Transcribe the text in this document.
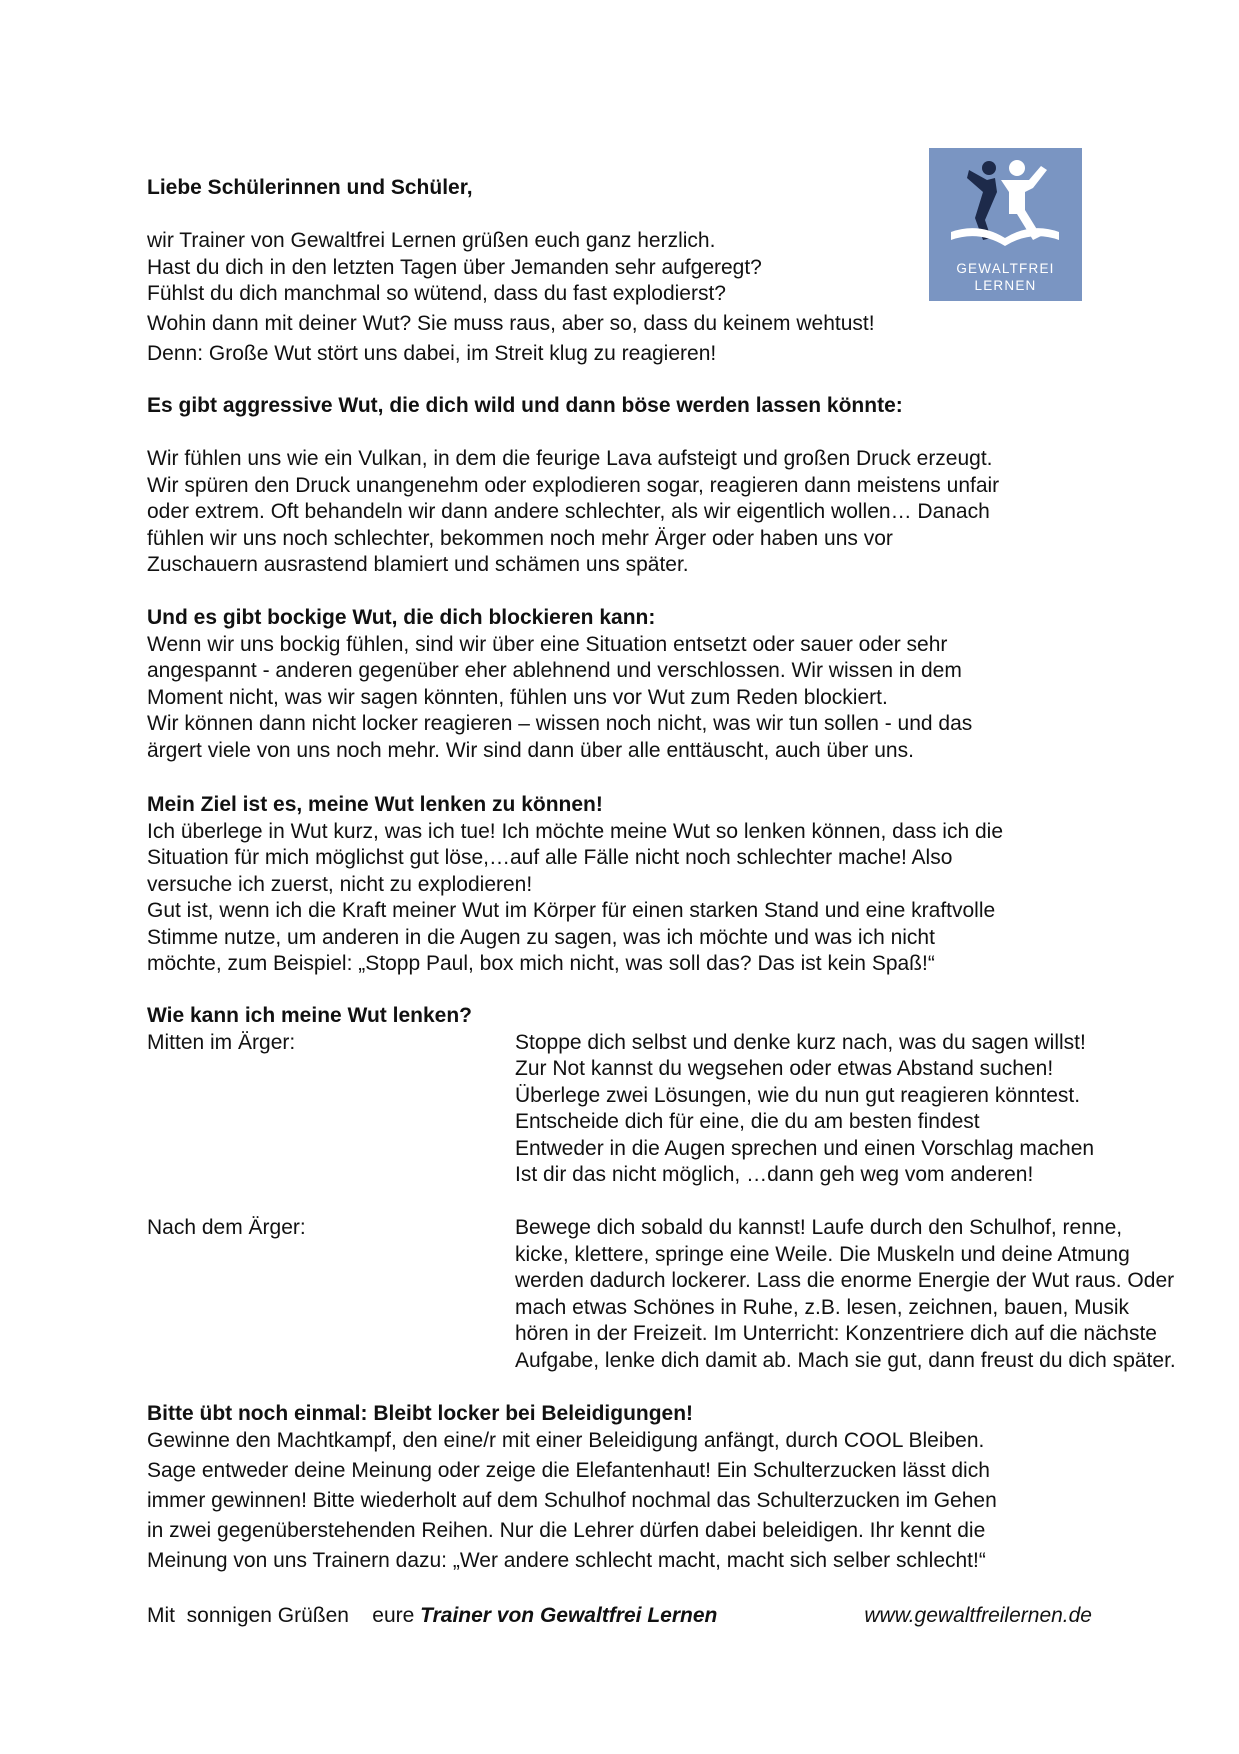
GEWALTFREI
LERNEN
Liebe Schülerinnen und Schüler,
wir Trainer von Gewaltfrei Lernen grüßen euch ganz herzlich.
Hast du dich in den letzten Tagen über Jemanden sehr aufgeregt?
Fühlst du dich manchmal so wütend, dass du fast explodierst?
Wohin dann mit deiner Wut? Sie muss raus, aber so, dass du keinem wehtust!
Denn: Große Wut stört uns dabei, im Streit klug zu reagieren!
Es gibt aggressive Wut, die dich wild und dann böse werden lassen könnte:
Wir fühlen uns wie ein Vulkan, in dem die feurige Lava aufsteigt und großen Druck erzeugt.
Wir spüren den Druck unangenehm oder explodieren sogar, reagieren dann meistens unfair
oder extrem. Oft behandeln wir dann andere schlechter, als wir eigentlich wollen… Danach
fühlen wir uns noch schlechter, bekommen noch mehr Ärger oder haben uns vor
Zuschauern ausrastend blamiert und schämen uns später.
Und es gibt bockige Wut, die dich blockieren kann:
Wenn wir uns bockig fühlen, sind wir über eine Situation entsetzt oder sauer oder sehr
angespannt - anderen gegenüber eher ablehnend und verschlossen. Wir wissen in dem
Moment nicht, was wir sagen könnten, fühlen uns vor Wut zum Reden blockiert.
Wir können dann nicht locker reagieren – wissen noch nicht, was wir tun sollen - und das
ärgert viele von uns noch mehr. Wir sind dann über alle enttäuscht, auch über uns.
Mein Ziel ist es, meine Wut lenken zu können!
Ich überlege in Wut kurz, was ich tue! Ich möchte meine Wut so lenken können, dass ich die
Situation für mich möglichst gut löse,…auf alle Fälle nicht noch schlechter mache! Also
versuche ich zuerst, nicht zu explodieren!
Gut ist, wenn ich die Kraft meiner Wut im Körper für einen starken Stand und eine kraftvolle
Stimme nutze, um anderen in die Augen zu sagen, was ich möchte und was ich nicht
möchte, zum Beispiel: „Stopp Paul, box mich nicht, was soll das? Das ist kein Spaß!“
Wie kann ich meine Wut lenken?
Mitten im Ärger:	Stoppe dich selbst und denke kurz nach, was du sagen willst!
Zur Not kannst du wegsehen oder etwas Abstand suchen!
Überlege zwei Lösungen, wie du nun gut reagieren könntest.
Entscheide dich für eine, die du am besten findest
Entweder in die Augen sprechen und einen Vorschlag machen
Ist dir das nicht möglich, …dann geh weg vom anderen!
Nach dem Ärger:	Bewege dich sobald du kannst! Laufe durch den Schulhof, renne,
kicke, klettere, springe eine Weile. Die Muskeln und deine Atmung
werden dadurch lockerer. Lass die enorme Energie der Wut raus. Oder
mach etwas Schönes in Ruhe, z.B. lesen, zeichnen, bauen, Musik
hören in der Freizeit. Im Unterricht: Konzentriere dich auf die nächste
Aufgabe, lenke dich damit ab. Mach sie gut, dann freust du dich später.
Bitte übt noch einmal: Bleibt locker bei Beleidigungen!
Gewinne den Machtkampf, den eine/r mit einer Beleidigung anfängt, durch COOL Bleiben.
Sage entweder deine Meinung oder zeige die Elefantenhaut! Ein Schulterzucken lässt dich
immer gewinnen! Bitte wiederholt auf dem Schulhof nochmal das Schulterzucken im Gehen
in zwei gegenüberstehenden Reihen. Nur die Lehrer dürfen dabei beleidigen. Ihr kennt die
Meinung von uns Trainern dazu: „Wer andere schlecht macht, macht sich selber schlecht!“
Mit  sonnigen Grüßen    eure Trainer von Gewaltfrei Lernen	www.gewaltfreilernen.de
